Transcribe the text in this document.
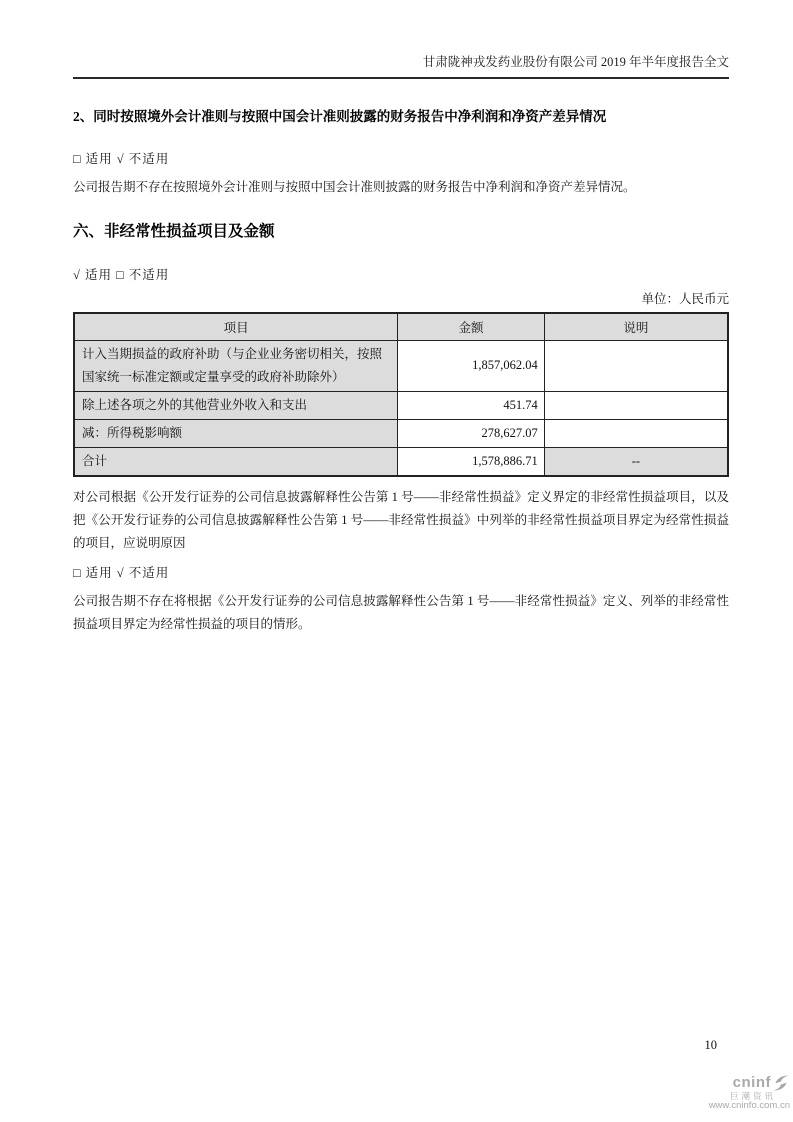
甘肃陇神戎发药业股份有限公司 2019 年半年度报告全文
2、同时按照境外会计准则与按照中国会计准则披露的财务报告中净利润和净资产差异情况
□ 适用 √ 不适用
公司报告期不存在按照境外会计准则与按照中国会计准则披露的财务报告中净利润和净资产差异情况。
六、非经常性损益项目及金额
√ 适用 □ 不适用
单位：人民币元
项目	金额	说明
计入当期损益的政府补助（与企业业务密切相关，按照国家统一标准定额或定量享受的政府补助除外）	1,857,062.04	
除上述各项之外的其他营业外收入和支出	451.74	
减：所得税影响额	278,627.07	
合计	1,578,886.71	--
对公司根据《公开发行证券的公司信息披露解释性公告第 1 号——非经常性损益》定义界定的非经常性损益项目，以及把《公开发行证券的公司信息披露解释性公告第 1 号——非经常性损益》中列举的非经常性损益项目界定为经常性损益的项目，应说明原因
□ 适用 √ 不适用
公司报告期不存在将根据《公开发行证券的公司信息披露解释性公告第 1 号——非经常性损益》定义、列举的非经常性损益项目界定为经常性损益的项目的情形。
10
cninf
巨潮资讯
www.cninfo.com.cn
